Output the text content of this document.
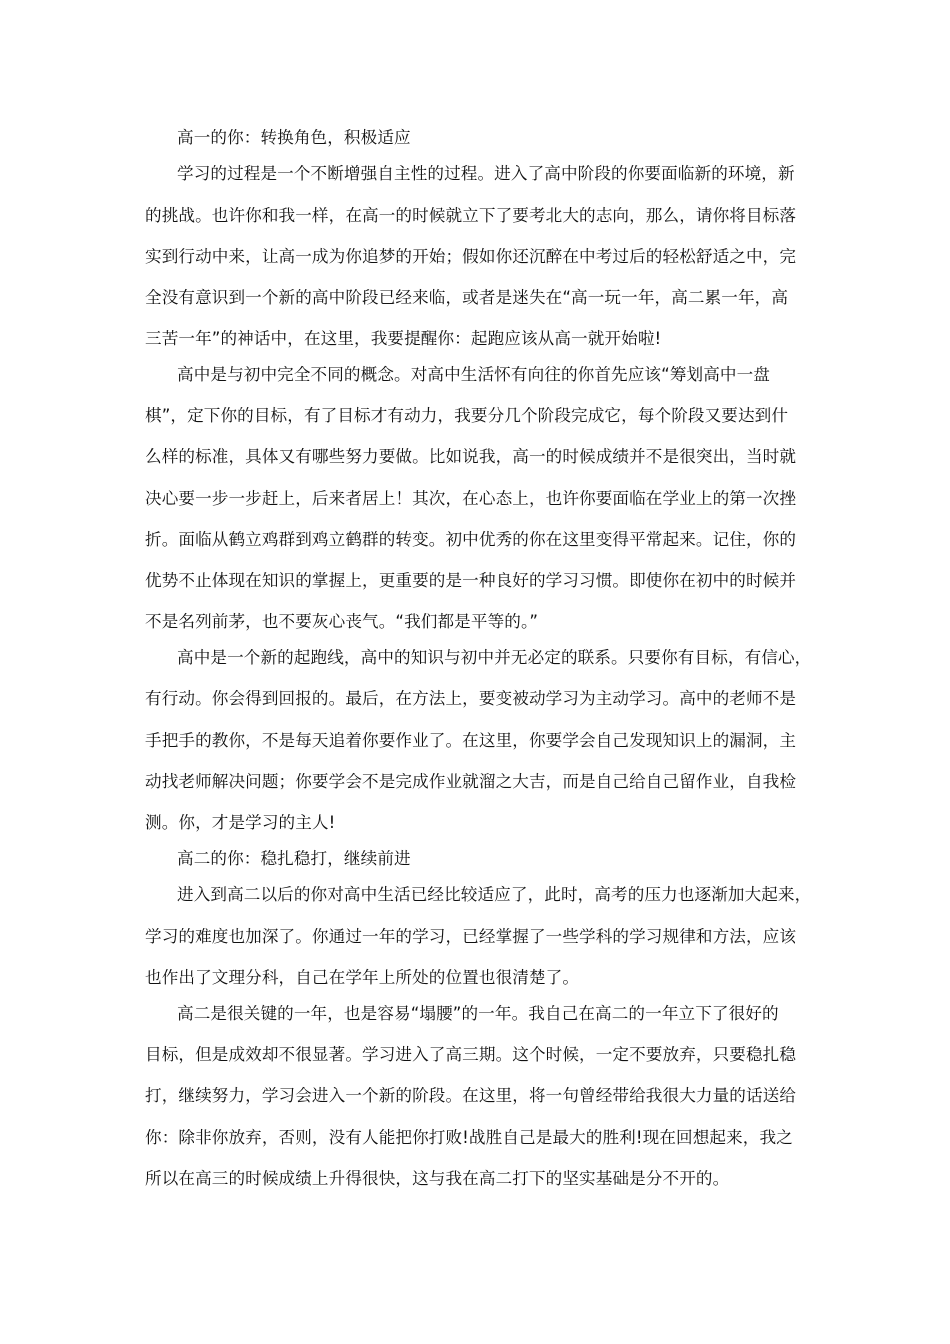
高一的你：转换角色，积极适应
学习的过程是一个不断增强自主性的过程。进入了高中阶段的你要面临新的环境，新
的挑战。也许你和我一样，在高一的时候就立下了要考北大的志向，那么，请你将目标落
实到行动中来，让高一成为你追梦的开始；假如你还沉醉在中考过后的轻松舒适之中，完
全没有意识到一个新的高中阶段已经来临，或者是迷失在“高一玩一年，高二累一年，高
三苦一年”的神话中，在这里，我要提醒你：起跑应该从高一就开始啦!
高中是与初中完全不同的概念。对高中生活怀有向往的你首先应该“筹划高中一盘
棋”，定下你的目标，有了目标才有动力，我要分几个阶段完成它，每个阶段又要达到什
么样的标准，具体又有哪些努力要做。比如说我，高一的时候成绩并不是很突出，当时就
决心要一步一步赶上，后来者居上！其次，在心态上，也许你要面临在学业上的第一次挫
折。面临从鹤立鸡群到鸡立鹤群的转变。初中优秀的你在这里变得平常起来。记住，你的
优势不止体现在知识的掌握上，更重要的是一种良好的学习习惯。即使你在初中的时候并
不是名列前茅，也不要灰心丧气。“我们都是平等的。”
高中是一个新的起跑线，高中的知识与初中并无必定的联系。只要你有目标，有信心，
有行动。你会得到回报的。最后，在方法上，要变被动学习为主动学习。高中的老师不是
手把手的教你，不是每天追着你要作业了。在这里，你要学会自己发现知识上的漏洞，主
动找老师解决问题；你要学会不是完成作业就溜之大吉，而是自己给自己留作业，自我检
测。你，才是学习的主人!
高二的你：稳扎稳打，继续前进
进入到高二以后的你对高中生活已经比较适应了，此时，高考的压力也逐渐加大起来，
学习的难度也加深了。你通过一年的学习，已经掌握了一些学科的学习规律和方法，应该
也作出了文理分科，自己在学年上所处的位置也很清楚了。
高二是很关键的一年，也是容易“塌腰”的一年。我自己在高二的一年立下了很好的
目标，但是成效却不很显著。学习进入了高三期。这个时候，一定不要放弃，只要稳扎稳
打，继续努力，学习会进入一个新的阶段。在这里，将一句曾经带给我很大力量的话送给
你：除非你放弃，否则，没有人能把你打败!战胜自己是最大的胜利!现在回想起来，我之
所以在高三的时候成绩上升得很快，这与我在高二打下的坚实基础是分不开的。
